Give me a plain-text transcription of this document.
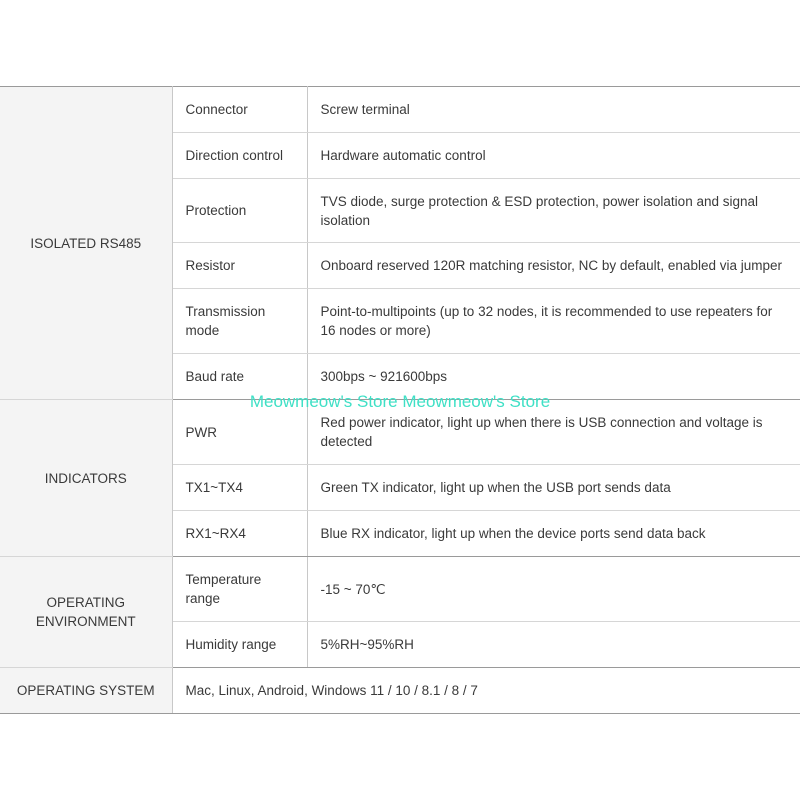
ISOLATED RS485	Connector	Screw terminal
	Direction control	Hardware automatic control
	Protection	TVS diode, surge protection & ESD protection, power isolation and signal isolation
	Resistor	Onboard reserved 120R matching resistor, NC by default, enabled via jumper
	Transmission mode	Point-to-multipoints (up to 32 nodes, it is recommended to use repeaters for 16 nodes or more)
	Baud rate	300bps ~ 921600bps
INDICATORS	PWR	Red power indicator, light up when there is USB connection and voltage is detected
	TX1~TX4	Green TX indicator, light up when the USB port sends data
	RX1~RX4	Blue RX indicator, light up when the device ports send data back
OPERATING ENVIRONMENT	Temperature range	-15 ~ 70℃
	Humidity range	5%RH~95%RH
OPERATING SYSTEM	Mac, Linux, Android, Windows 11 / 10 / 8.1 / 8 / 7	
Meowmeow's Store Meowmeow's Store
